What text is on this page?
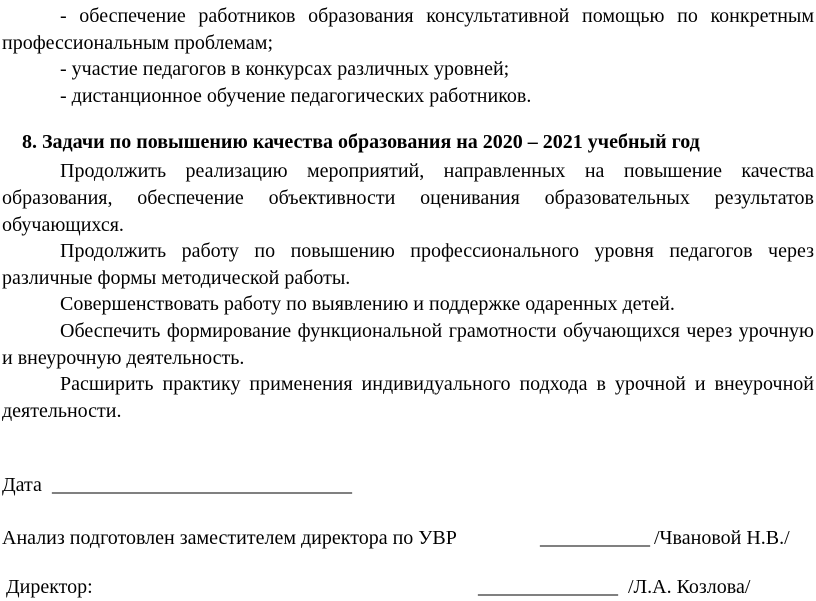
- обеспечение работников образования консультативной помощью по конкретным профессиональным проблемам;

- участие педагогов в конкурсах различных уровней;

- дистанционное обучение педагогических работников.

8. Задачи по повышению качества образования на 2020 – 2021 учебный год

Продолжить реализацию мероприятий, направленных на повышение качества образования, обеспечение объективности оценивания образовательных результатов обучающихся.

Продолжить работу по повышению профессионального уровня педагогов через различные формы методической работы.

Совершенствовать работу по выявлению и поддержке одаренных детей.

Обеспечить формирование функциональной грамотности обучающихся через урочную и внеурочную деятельность.

Расширить практику применения индивидуального подхода в урочной и внеурочной деятельности.

Дата ______________________________
Анализ подготовлен заместителем директора по УВР	___________ /Чвановой Н.В./
Директор:	______________ /Л.А. Козлова/
